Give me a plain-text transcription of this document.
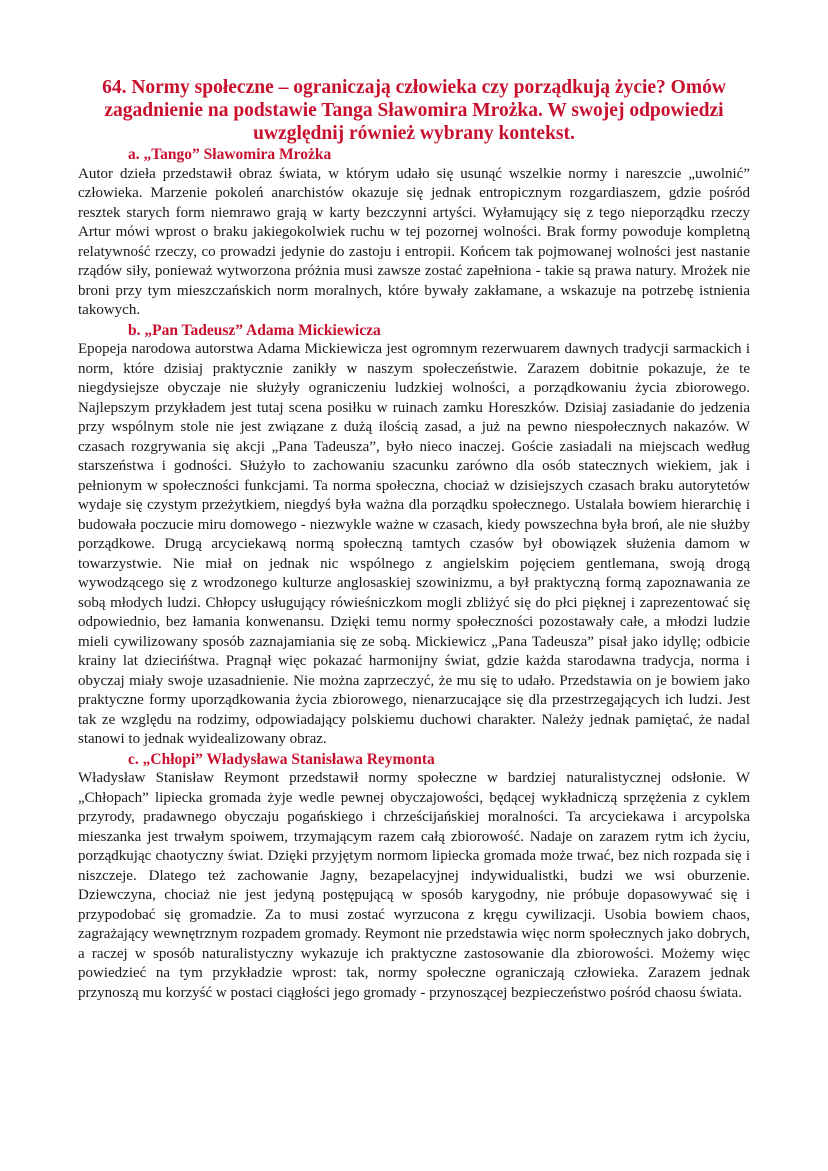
64. Normy społeczne – ograniczają człowieka czy porządkują życie? Omów zagadnienie na podstawie Tanga Sławomira Mrożka. W swojej odpowiedzi uwzględnij również wybrany kontekst.
a. „Tango” Sławomira Mrożka

Autor dzieła przedstawił obraz świata, w którym udało się usunąć wszelkie normy i nareszcie „uwolnić” człowieka. Marzenie pokoleń anarchistów okazuje się jednak entropicznym rozgardiaszem, gdzie pośród resztek starych form niemrawo grają w karty bezczynni artyści. Wyłamujący się z tego nieporządku rzeczy Artur mówi wprost o braku jakiegokolwiek ruchu w tej pozornej wolności. Brak formy powoduje kompletną relatywność rzeczy, co prowadzi jedynie do zastoju i entropii. Końcem tak pojmowanej wolności jest nastanie rządów siły, ponieważ wytworzona próżnia musi zawsze zostać zapełniona - takie są prawa natury. Mrożek nie broni przy tym mieszczańskich norm moralnych, które bywały zakłamane, a wskazuje na potrzebę istnienia takowych.

b. „Pan Tadeusz” Adama Mickiewicza

Epopeja narodowa autorstwa Adama Mickiewicza jest ogromnym rezerwuarem dawnych tradycji sarmackich i norm, które dzisiaj praktycznie zanikły w naszym społeczeństwie. Zarazem dobitnie pokazuje, że te niegdysiejsze obyczaje nie służyły ograniczeniu ludzkiej wolności, a porządkowaniu życia zbiorowego. Najlepszym przykładem jest tutaj scena posiłku w ruinach zamku Horeszków. Dzisiaj zasiadanie do jedzenia przy wspólnym stole nie jest związane z dużą ilością zasad, a już na pewno niespołecznych nakazów. W czasach rozgrywania się akcji „Pana Tadeusza”, było nieco inaczej. Goście zasiadali na miejscach według starszeństwa i godności. Służyło to zachowaniu szacunku zarówno dla osób statecznych wiekiem, jak i pełnionym w społeczności funkcjami. Ta norma społeczna, chociaż w dzisiejszych czasach braku autorytetów wydaje się czystym przeżytkiem, niegdyś była ważna dla porządku społecznego. Ustalała bowiem hierarchię i budowała poczucie miru domowego - niezwykle ważne w czasach, kiedy powszechna była broń, ale nie służby porządkowe. Drugą arcyciekawą normą społeczną tamtych czasów był obowiązek służenia damom w towarzystwie. Nie miał on jednak nic wspólnego z angielskim pojęciem gentlemana, swoją drogą wywodzącego się z wrodzonego kulturze anglosaskiej szowinizmu, a był praktyczną formą zapoznawania ze sobą młodych ludzi. Chłopcy usługujący rówieśniczkom mogli zbliżyć się do płci pięknej i zaprezentować się odpowiednio, bez łamania konwenansu. Dzięki temu normy społeczności pozostawały całe, a młodzi ludzie mieli cywilizowany sposób zaznajamiania się ze sobą. Mickiewicz „Pana Tadeusza” pisał jako idyllę; odbicie krainy lat dziecińśtwa. Pragnął więc pokazać harmonijny świat, gdzie każda starodawna tradycja, norma i obyczaj miały swoje uzasadnienie. Nie można zaprzeczyć, że mu się to udało. Przedstawia on je bowiem jako praktyczne formy uporządkowania życia zbiorowego, nienarzucające się dla przestrzegających ich ludzi. Jest tak ze względu na rodzimy, odpowiadający polskiemu duchowi charakter. Należy jednak pamiętać, że nadal stanowi to jednak wyidealizowany obraz.

c. „Chłopi” Władysława Stanisława Reymonta

Władysław Stanisław Reymont przedstawił normy społeczne w bardziej naturalistycznej odsłonie. W „Chłopach” lipiecka gromada żyje wedle pewnej obyczajowości, będącej wykładniczą sprzężenia z cyklem przyrody, pradawnego obyczaju pogańskiego i chrześcijańskiej moralności. Ta arcyciekawa i arcypolska mieszanka jest trwałym spoiwem, trzymającym razem całą zbiorowość. Nadaje on zarazem rytm ich życiu, porządkując chaotyczny świat. Dzięki przyjętym normom lipiecka gromada może trwać, bez nich rozpada się i niszczeje. Dlatego też zachowanie Jagny, bezapelacyjnej indywidualistki, budzi we wsi oburzenie. Dziewczyna, chociaż nie jest jedyną postępującą w sposób karygodny, nie próbuje dopasowywać się i przypodobać się gromadzie. Za to musi zostać wyrzucona z kręgu cywilizacji. Usobia bowiem chaos, zagrażający wewnętrznym rozpadem gromady. Reymont nie przedstawia więc norm społecznych jako dobrych, a raczej w sposób naturalistyczny wykazuje ich praktyczne zastosowanie dla zbiorowości. Możemy więc powiedzieć na tym przykładzie wprost: tak, normy społeczne ograniczają człowieka. Zarazem jednak przynoszą mu korzyść w postaci ciągłości jego gromady - przynoszącej bezpieczeństwo pośród chaosu świata.
